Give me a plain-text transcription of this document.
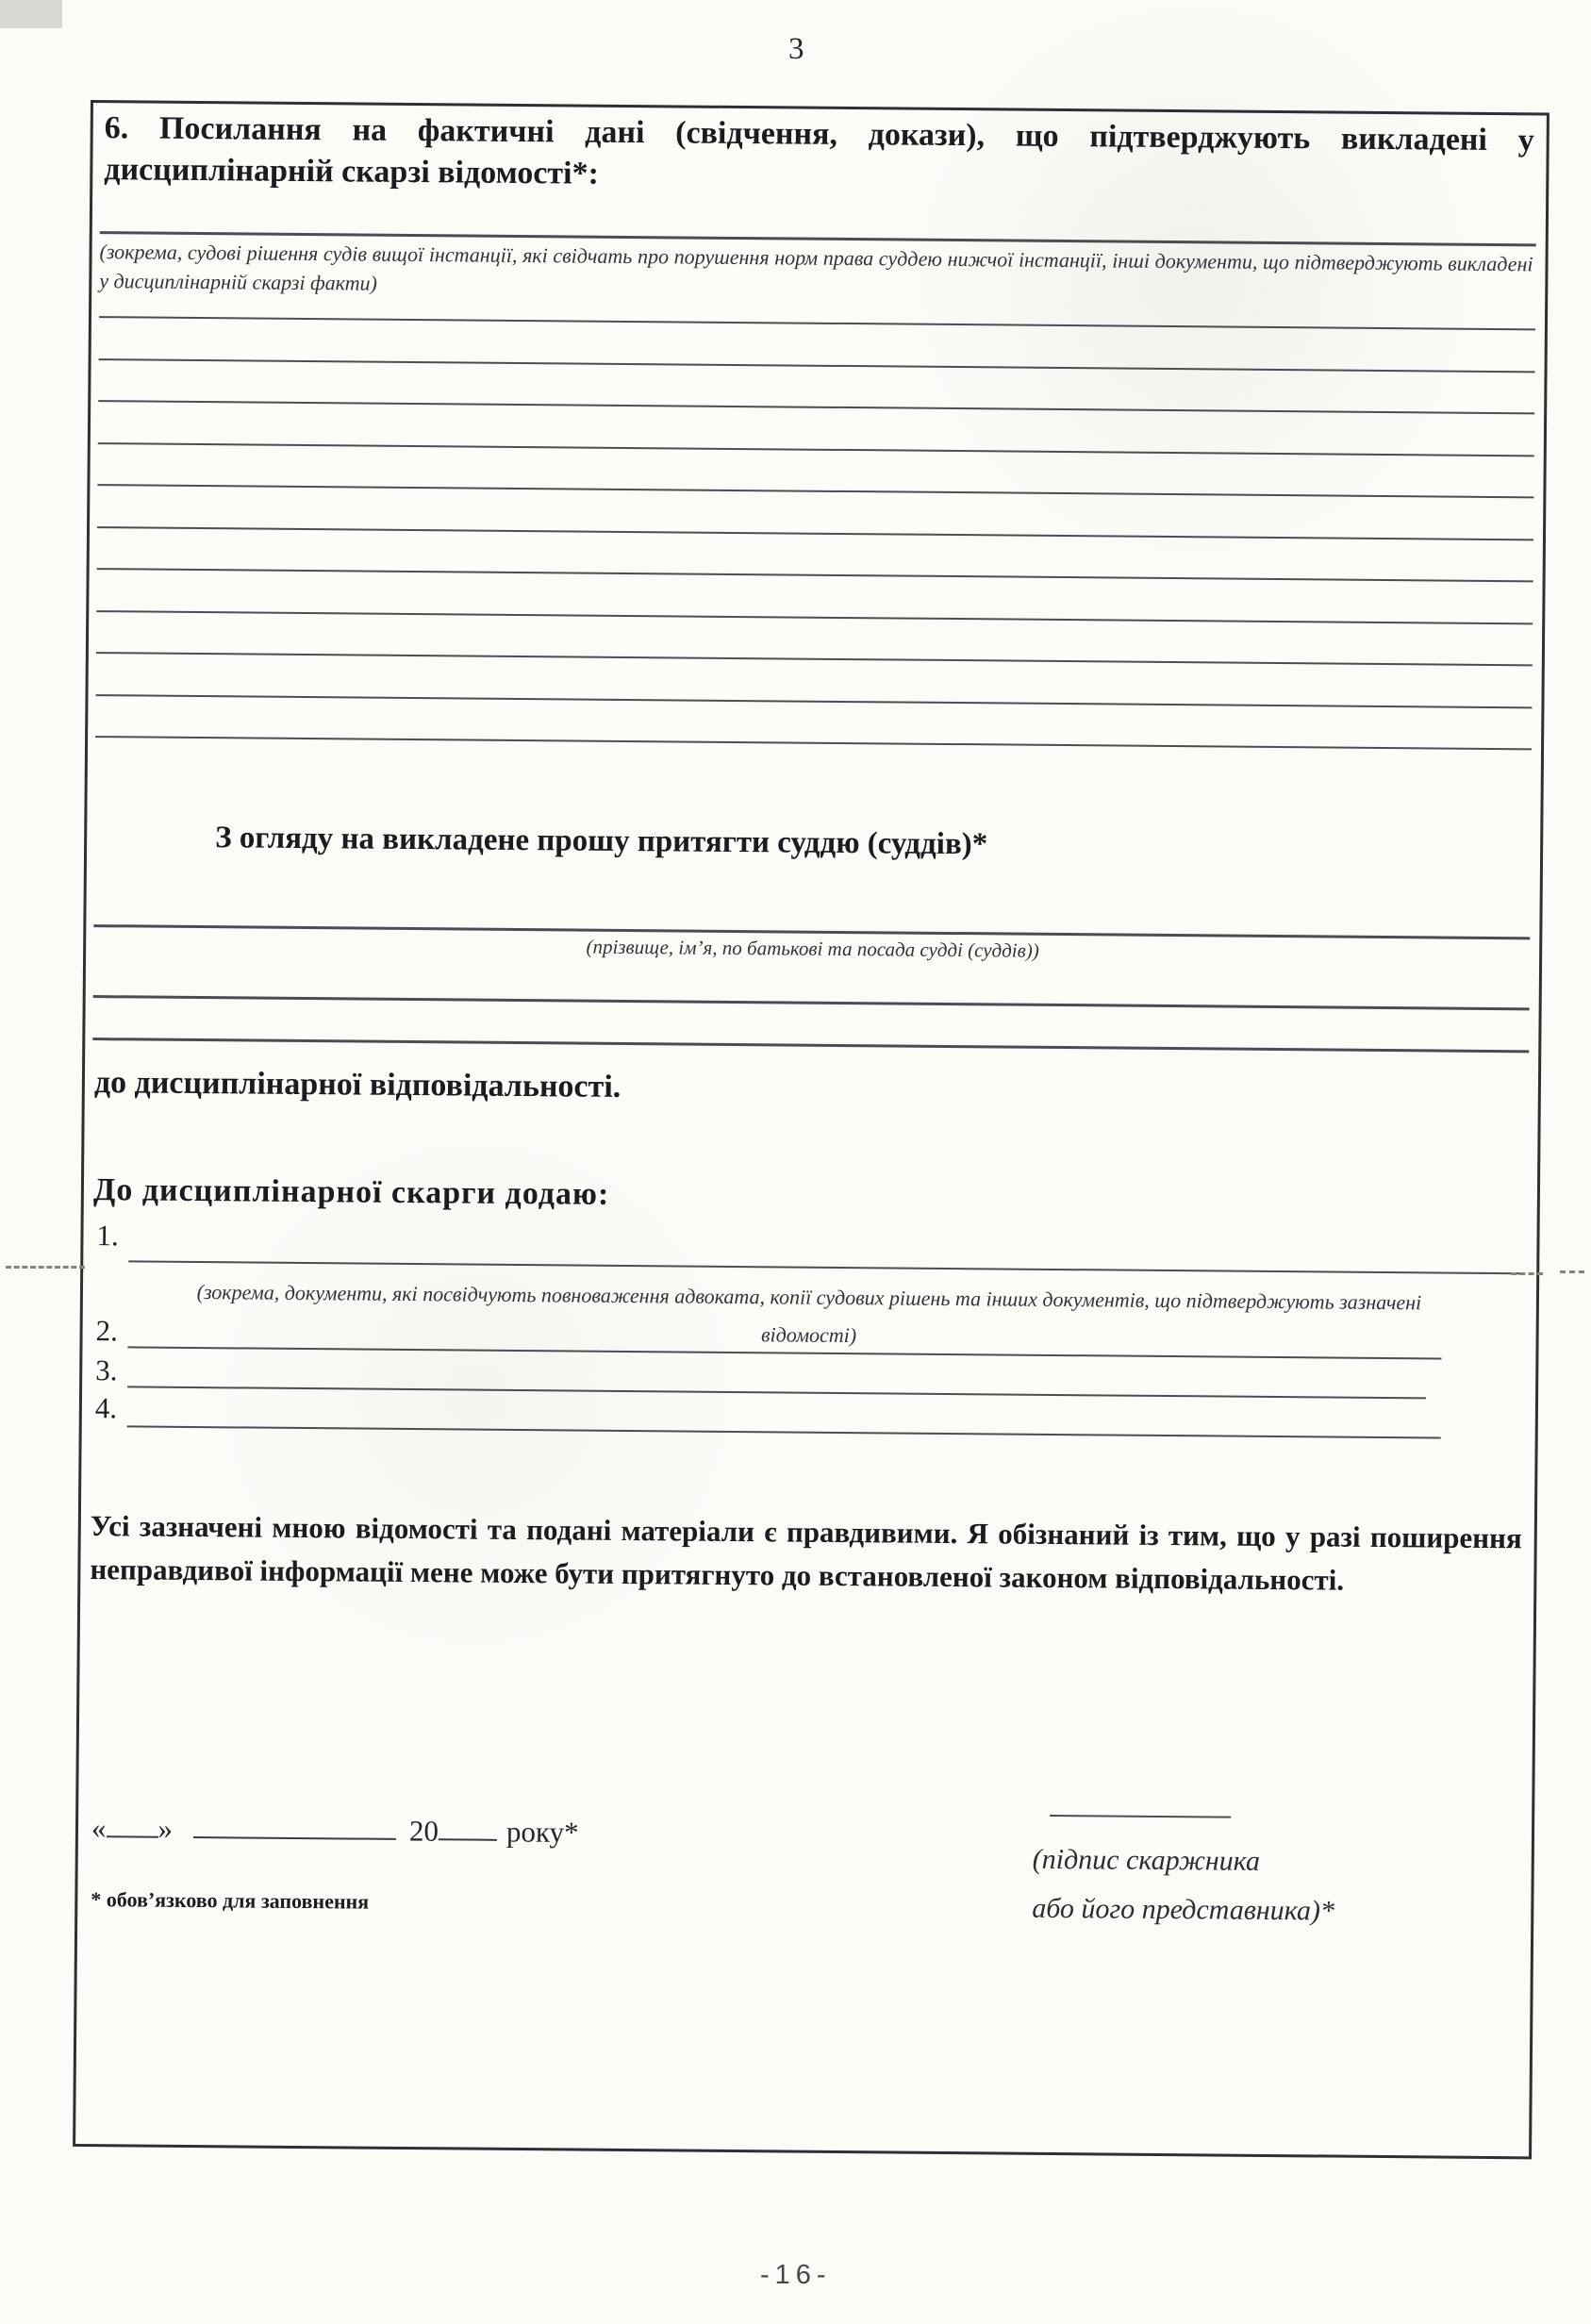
3
6. Посилання на фактичні дані (свідчення, докази), що підтверджують викладені у дисциплінарній скарзі відомості*:
(зокрема, судові рішення судів вищої інстанції, які свідчать про порушення норм права суддею нижчої інстанції, інші документи, що підтверджують викладені у дисциплінарній скарзі факти)
З огляду на викладене прошу притягти суддю (суддів)*
(прізвище, ім’я, по батькові та посада судді (суддів))
до дисциплінарної відповідальності.
До дисциплінарної скарги додаю:
1.
(зокрема, документи, які посвідчують повноваження адвоката, копії судових рішень та інших документів, що підтверджують зазначені
відомості)
2.
3.
4.
Усі зазначені мною відомості та подані матеріали є правдивими. Я обізнаний із тим, що у разі поширення неправдивої інформації мене може бути притягнуто до встановленої законом відповідальності.
« »	20 року*
(підпис скаржника
або його представника)*
* обов’язково для заповнення
-16-
